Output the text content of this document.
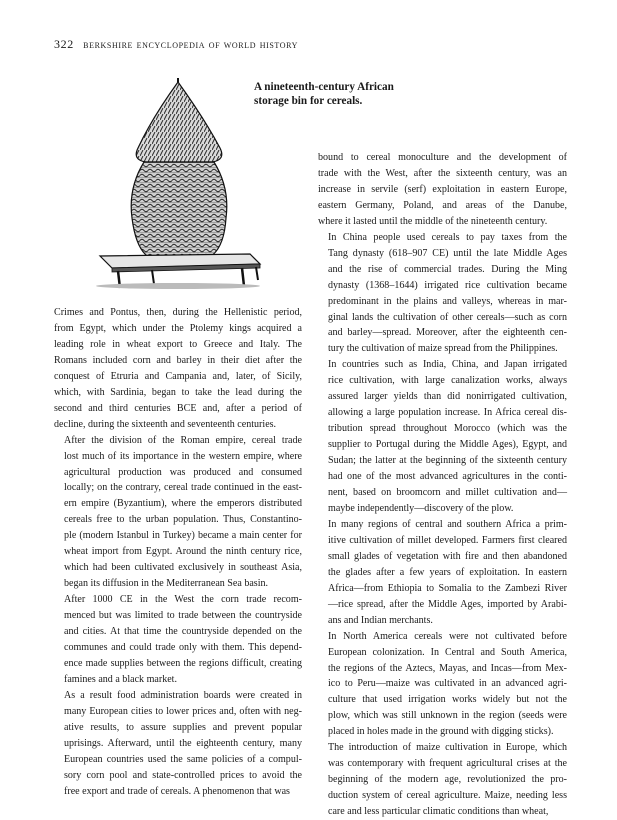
322 berkshire encyclopedia of world history
A nineteenth-century African
storage bin for cereals.

Crimes and Pontus, then, during the Hellenistic period,
from Egypt, which under the Ptolemy kings acquired a
leading role in wheat export to Greece and Italy. The
Romans included corn and barley in their diet after the
conquest of Etruria and Campania and, later, of Sicily,
which, with Sardinia, began to take the lead during the
second and third centuries BCE and, after a period of
decline, during the sixteenth and seventeenth centuries.

After the division of the Roman empire, cereal trade
lost much of its importance in the western empire, where
agricultural production was produced and consumed
locally; on the contrary, cereal trade continued in the east-
ern empire (Byzantium), where the emperors distributed
cereals free to the urban population. Thus, Constantino-
ple (modern Istanbul in Turkey) became a main center for
wheat import from Egypt. Around the ninth century rice,
which had been cultivated exclusively in southeast Asia,
began its diffusion in the Mediterranean Sea basin.

After 1000 CE in the West the corn trade recom-
menced but was limited to trade between the countryside
and cities. At that time the countryside depended on the
communes and could trade only with them. This depend-
ence made supplies between the regions difficult, creating
famines and a black market.

As a result food administration boards were created in
many European cities to lower prices and, often with neg-
ative results, to assure supplies and prevent popular
uprisings. Afterward, until the eighteenth century, many
European countries used the same policies of a compul-
sory corn pool and state-controlled prices to avoid the
free export and trade of cereals. A phenomenon that was

bound to cereal monoculture and the development of
trade with the West, after the sixteenth century, was an
increase in servile (serf) exploitation in eastern Europe,
eastern Germany, Poland, and areas of the Danube,
where it lasted until the middle of the nineteenth century.

In China people used cereals to pay taxes from the
Tang dynasty (618–907 CE) until the late Middle Ages
and the rise of commercial trades. During the Ming
dynasty (1368–1644) irrigated rice cultivation became
predominant in the plains and valleys, whereas in mar-
ginal lands the cultivation of other cereals—such as corn
and barley—spread. Moreover, after the eighteenth cen-
tury the cultivation of maize spread from the Philippines.

In countries such as India, China, and Japan irrigated
rice cultivation, with large canalization works, always
assured larger yields than did nonirrigated cultivation,
allowing a large population increase. In Africa cereal dis-
tribution spread throughout Morocco (which was the
supplier to Portugal during the Middle Ages), Egypt, and
Sudan; the latter at the beginning of the sixteenth century
had one of the most advanced agricultures in the conti-
nent, based on broomcorn and millet cultivation and—
maybe independently—discovery of the plow.

In many regions of central and southern Africa a prim-
itive cultivation of millet developed. Farmers first cleared
small glades of vegetation with fire and then abandoned
the glades after a few years of exploitation. In eastern
Africa—from Ethiopia to Somalia to the Zambezi River
—rice spread, after the Middle Ages, imported by Arabi-
ans and Indian merchants.

In North America cereals were not cultivated before
European colonization. In Central and South America,
the regions of the Aztecs, Mayas, and Incas—from Mex-
ico to Peru—maize was cultivated in an advanced agri-
culture that used irrigation works widely but not the
plow, which was still unknown in the region (seeds were
placed in holes made in the ground with digging sticks).

The introduction of maize cultivation in Europe, which
was contemporary with frequent agricultural crises at the
beginning of the modern age, revolutionized the pro-
duction system of cereal agriculture. Maize, needing less
care and less particular climatic conditions than wheat,
